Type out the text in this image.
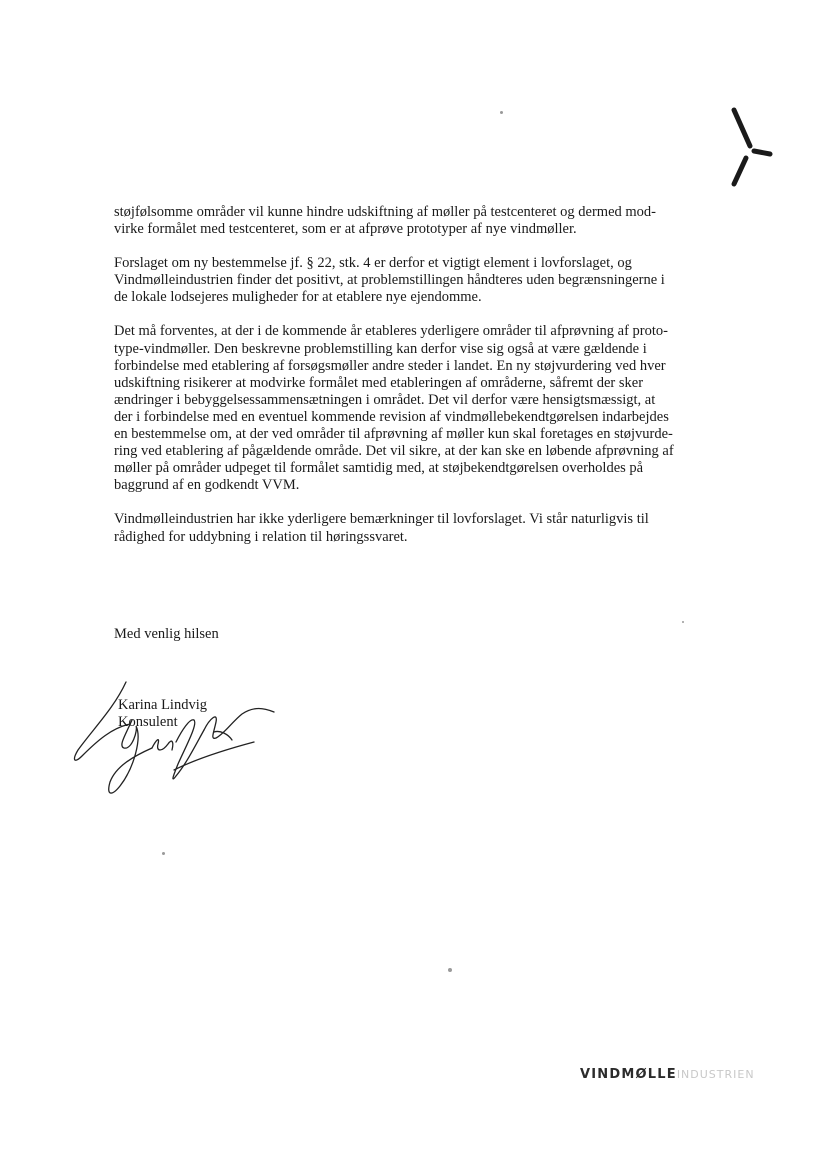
støjfølsomme områder vil kunne hindre udskiftning af møller på testcenteret og dermed mod-
virke formålet med testcenteret, som er at afprøve prototyper af nye vindmøller.

Forslaget om ny bestemmelse jf. § 22, stk. 4 er derfor et vigtigt element i lovforslaget, og
Vindmølleindustrien finder det positivt, at problemstillingen håndteres uden begrænsningerne i
de lokale lodsejeres muligheder for at etablere nye ejendomme.

Det må forventes, at der i de kommende år etableres yderligere områder til afprøvning af proto-
type-vindmøller. Den beskrevne problemstilling kan derfor vise sig også at være gældende i
forbindelse med etablering af forsøgsmøller andre steder i landet. En ny støjvurdering ved hver
udskiftning risikerer at modvirke formålet med etableringen af områderne, såfremt der sker
ændringer i bebyggelsessammensætningen i området. Det vil derfor være hensigtsmæssigt, at
der i forbindelse med en eventuel kommende revision af vindmøllebekendtgørelsen indarbejdes
en bestemmelse om, at der ved områder til afprøvning af møller kun skal foretages en støjvurde-
ring ved etablering af pågældende område. Det vil sikre, at der kan ske en løbende afprøvning af
møller på områder udpeget til formålet samtidig med, at støjbekendtgørelsen overholdes på
baggrund af en godkendt VVM.

Vindmølleindustrien har ikke yderligere bemærkninger til lovforslaget. Vi står naturligvis til
rådighed for uddybning i relation til høringssvaret.

Med venlig hilsen
Karina Lindvig
Konsulent
VINDMØLLEINDUSTRIEN
